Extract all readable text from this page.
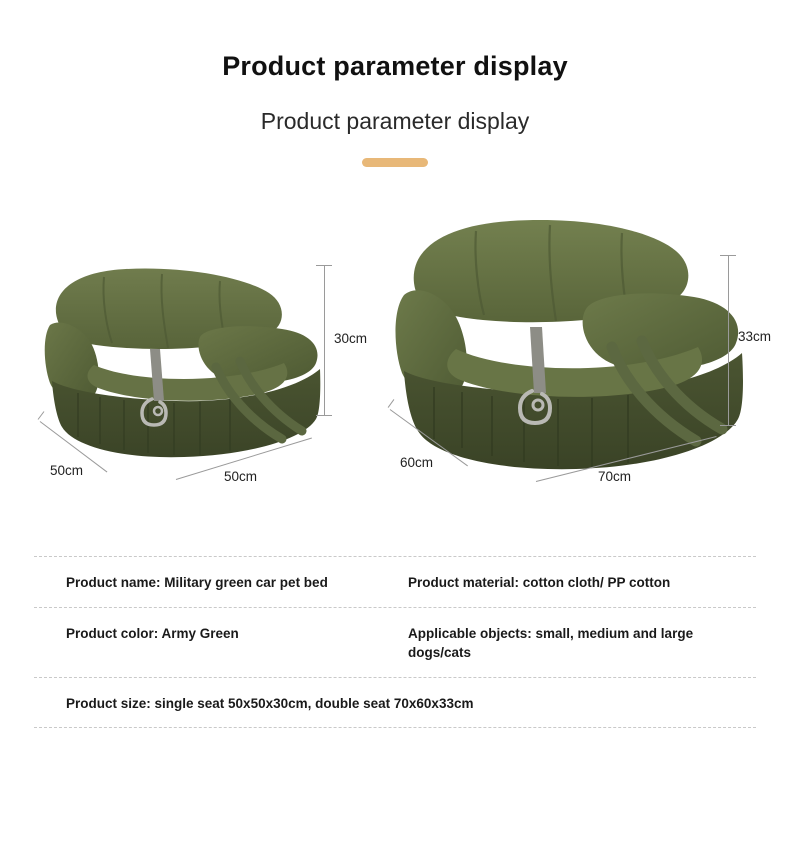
Product parameter display
Product parameter display
30cm
50cm	50cm
33cm
60cm
70cm
Product name: Military green car pet bed	Product material: cotton cloth/ PP cotton
Product color: Army Green	Applicable objects: small, medium and large dogs/cats
Product size: single seat 50x50x30cm, double seat 70x60x33cm
